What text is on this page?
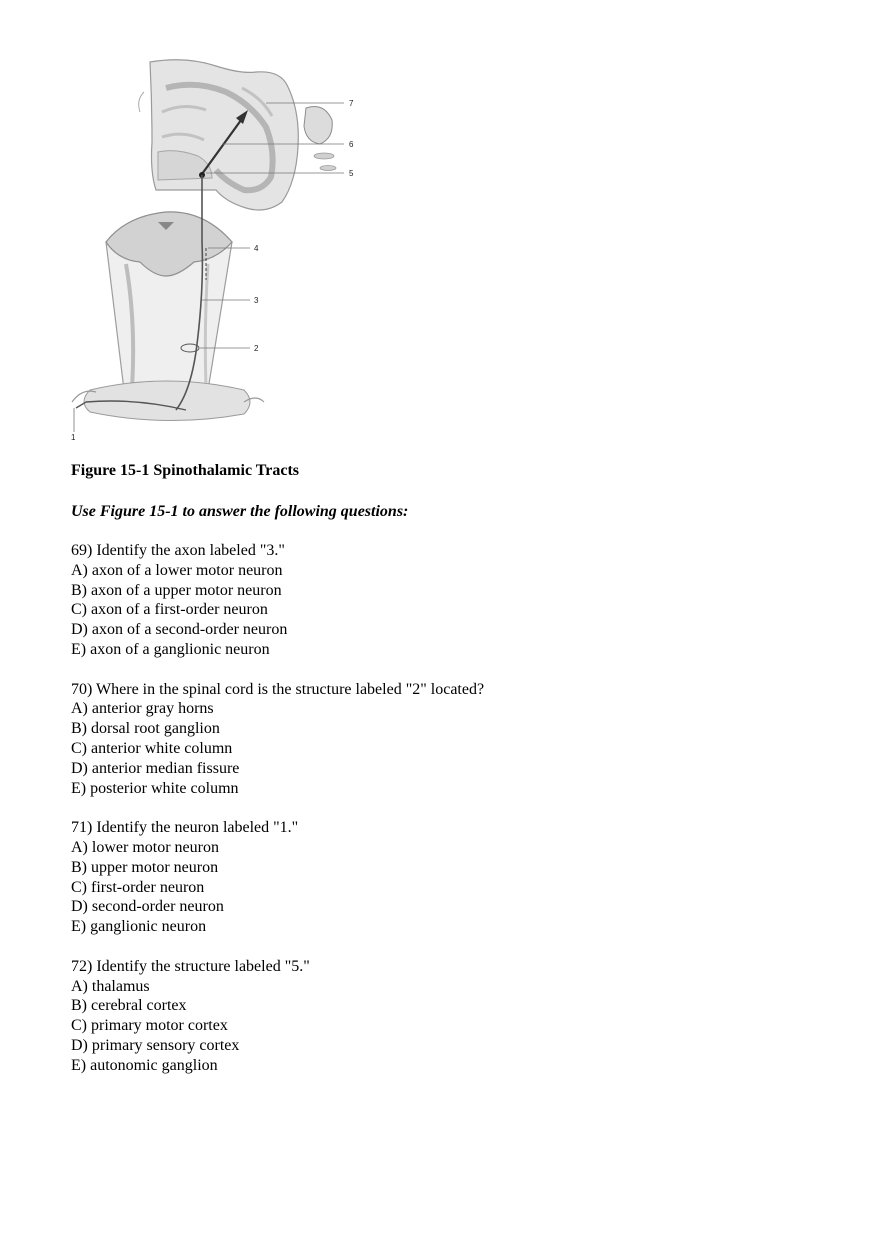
7
6
5
4
3
2
1
Figure 15-1 Spinothalamic Tracts
Use Figure 15-1 to answer the following questions:
69) Identify the axon labeled "3."
A) axon of a lower motor neuron
B) axon of a upper motor neuron
C) axon of a first-order neuron
D) axon of a second-order neuron
E) axon of a ganglionic neuron
70) Where in the spinal cord is the structure labeled "2" located?
A) anterior gray horns
B) dorsal root ganglion
C) anterior white column
D) anterior median fissure
E) posterior white column
71) Identify the neuron labeled "1."
A) lower motor neuron
B) upper motor neuron
C) first-order neuron
D) second-order neuron
E) ganglionic neuron
72) Identify the structure labeled "5."
A) thalamus
B) cerebral cortex
C) primary motor cortex
D) primary sensory cortex
E) autonomic ganglion
